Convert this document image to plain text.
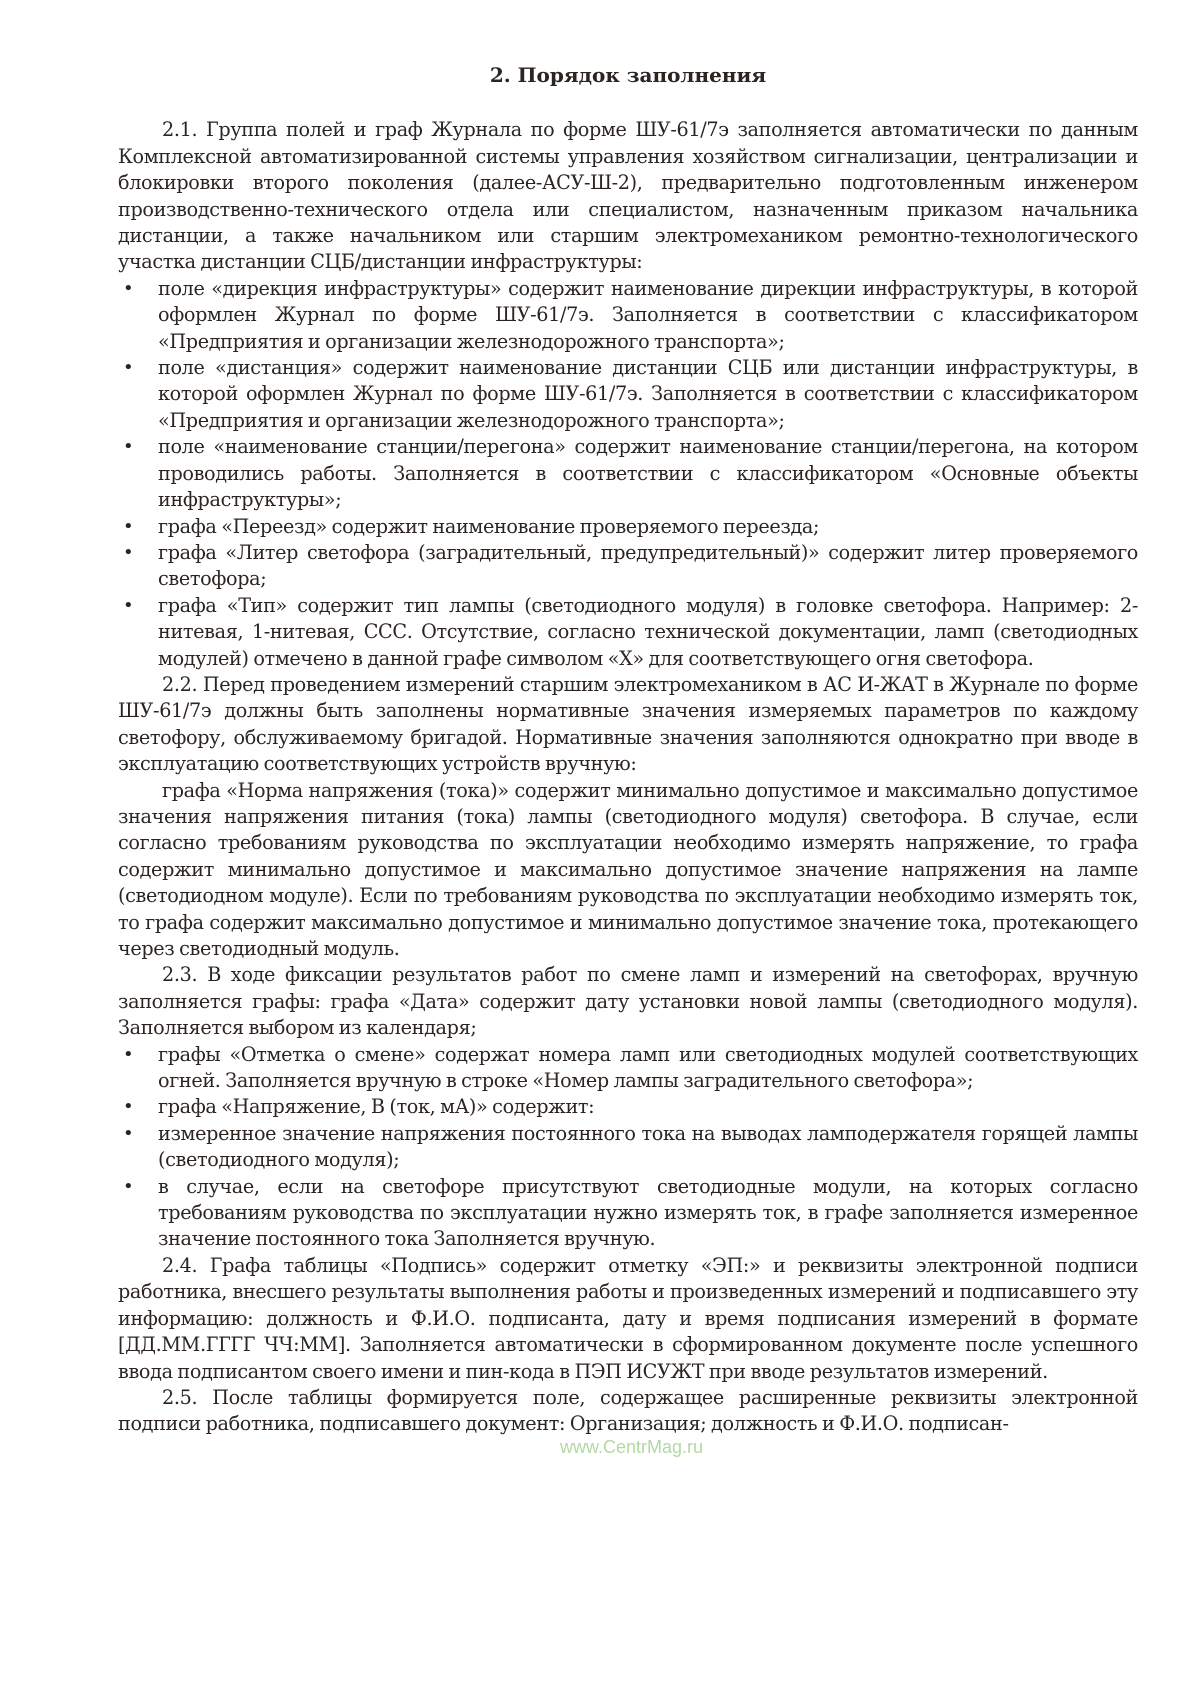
2. Порядок заполнения

2.1. Группа полей и граф Журнала по форме ШУ-61/7э заполняется автоматически по данным Комплексной автоматизированной системы управления хозяйством сигнализации, централизации и блокировки второго поколения (далее-АСУ-Ш-2), предварительно подготовленным инженером производственно-технического отдела или специалистом, назначенным приказом начальника дистанции, а также начальником или старшим электромехаником ремонтно-технологического участка дистанции СЦБ/дистанции инфраструктуры:

• поле «дирекция инфраструктуры» содержит наименование дирекции инфраструктуры, в которой оформлен Журнал по форме ШУ-61/7э. Заполняется в соответствии с классификатором «Предприятия и организации железнодорожного транспорта»;
• поле «дистанция» содержит наименование дистанции СЦБ или дистанции инфраструктуры, в которой оформлен Журнал по форме ШУ-61/7э. Заполняется в соответствии с классификатором «Предприятия и организации железнодорожного транспорта»;
• поле «наименование станции/перегона» содержит наименование станции/перегона, на котором проводились работы. Заполняется в соответствии с классификатором «Основные объекты инфраструктуры»;
• графа «Переезд» содержит наименование проверяемого переезда;
• графа «Литер светофора (заградительный, предупредительный)» содержит литер проверяемого светофора;
• графа «Тип» содержит тип лампы (светодиодного модуля) в головке светофора. Например: 2-нитевая, 1-нитевая, ССС. Отсутствие, согласно технической документации, ламп (светодиодных модулей) отмечено в данной графе символом «Х» для соответствующего огня светофора.

2.2. Перед проведением измерений старшим электромехаником в АС И-ЖАТ в Журнале по форме ШУ-61/7э должны быть заполнены нормативные значения измеряемых параметров по каждому светофору, обслуживаемому бригадой. Нормативные значения заполняются однократно при вводе в эксплуатацию соответствующих устройств вручную:

графа «Норма напряжения (тока)» содержит минимально допустимое и максимально допустимое значения напряжения питания (тока) лампы (светодиодного модуля) светофора. В случае, если согласно требованиям руководства по эксплуатации необходимо измерять напряжение, то графа содержит минимально допустимое и максимально допустимое значение напряжения на лампе (светодиодном модуле). Если по требованиям руководства по эксплуатации необходимо измерять ток, то графа содержит максимально допустимое и минимально допустимое значение тока, протекающего через светодиодный модуль.

2.3. В ходе фиксации результатов работ по смене ламп и измерений на светофорах, вручную заполняется графы: графа «Дата» содержит дату установки новой лампы (светодиодного модуля). Заполняется выбором из календаря;

• графы «Отметка о смене» содержат номера ламп или светодиодных модулей соответствующих огней. Заполняется вручную в строке «Номер лампы заградительного светофора»;
• графа «Напряжение, В (ток, мА)» содержит:
• измеренное значение напряжения постоянного тока на выводах ламподержателя горящей лампы (светодиодного модуля);
• в случае, если на светофоре присутствуют светодиодные модули, на которых согласно требованиям руководства по эксплуатации нужно измерять ток, в графе заполняется измеренное значение постоянного тока Заполняется вручную.

2.4. Графа таблицы «Подпись» содержит отметку «ЭП:» и реквизиты электронной подписи работника, внесшего результаты выполнения работы и произведенных измерений и подписавшего эту информацию: должность и Ф.И.О. подписанта, дату и время подписания измерений в формате [ДД.ММ.ГГГГ ЧЧ:ММ]. Заполняется автоматически в сформированном документе после успешного ввода подписантом своего имени и пин-кода в ПЭП ИСУЖТ при вводе результатов измерений.

2.5. После таблицы формируется поле, содержащее расширенные реквизиты электронной подписи работника, подписавшего документ: Организация; должность и Ф.И.О. подписан-

www.CentrMag.ru
